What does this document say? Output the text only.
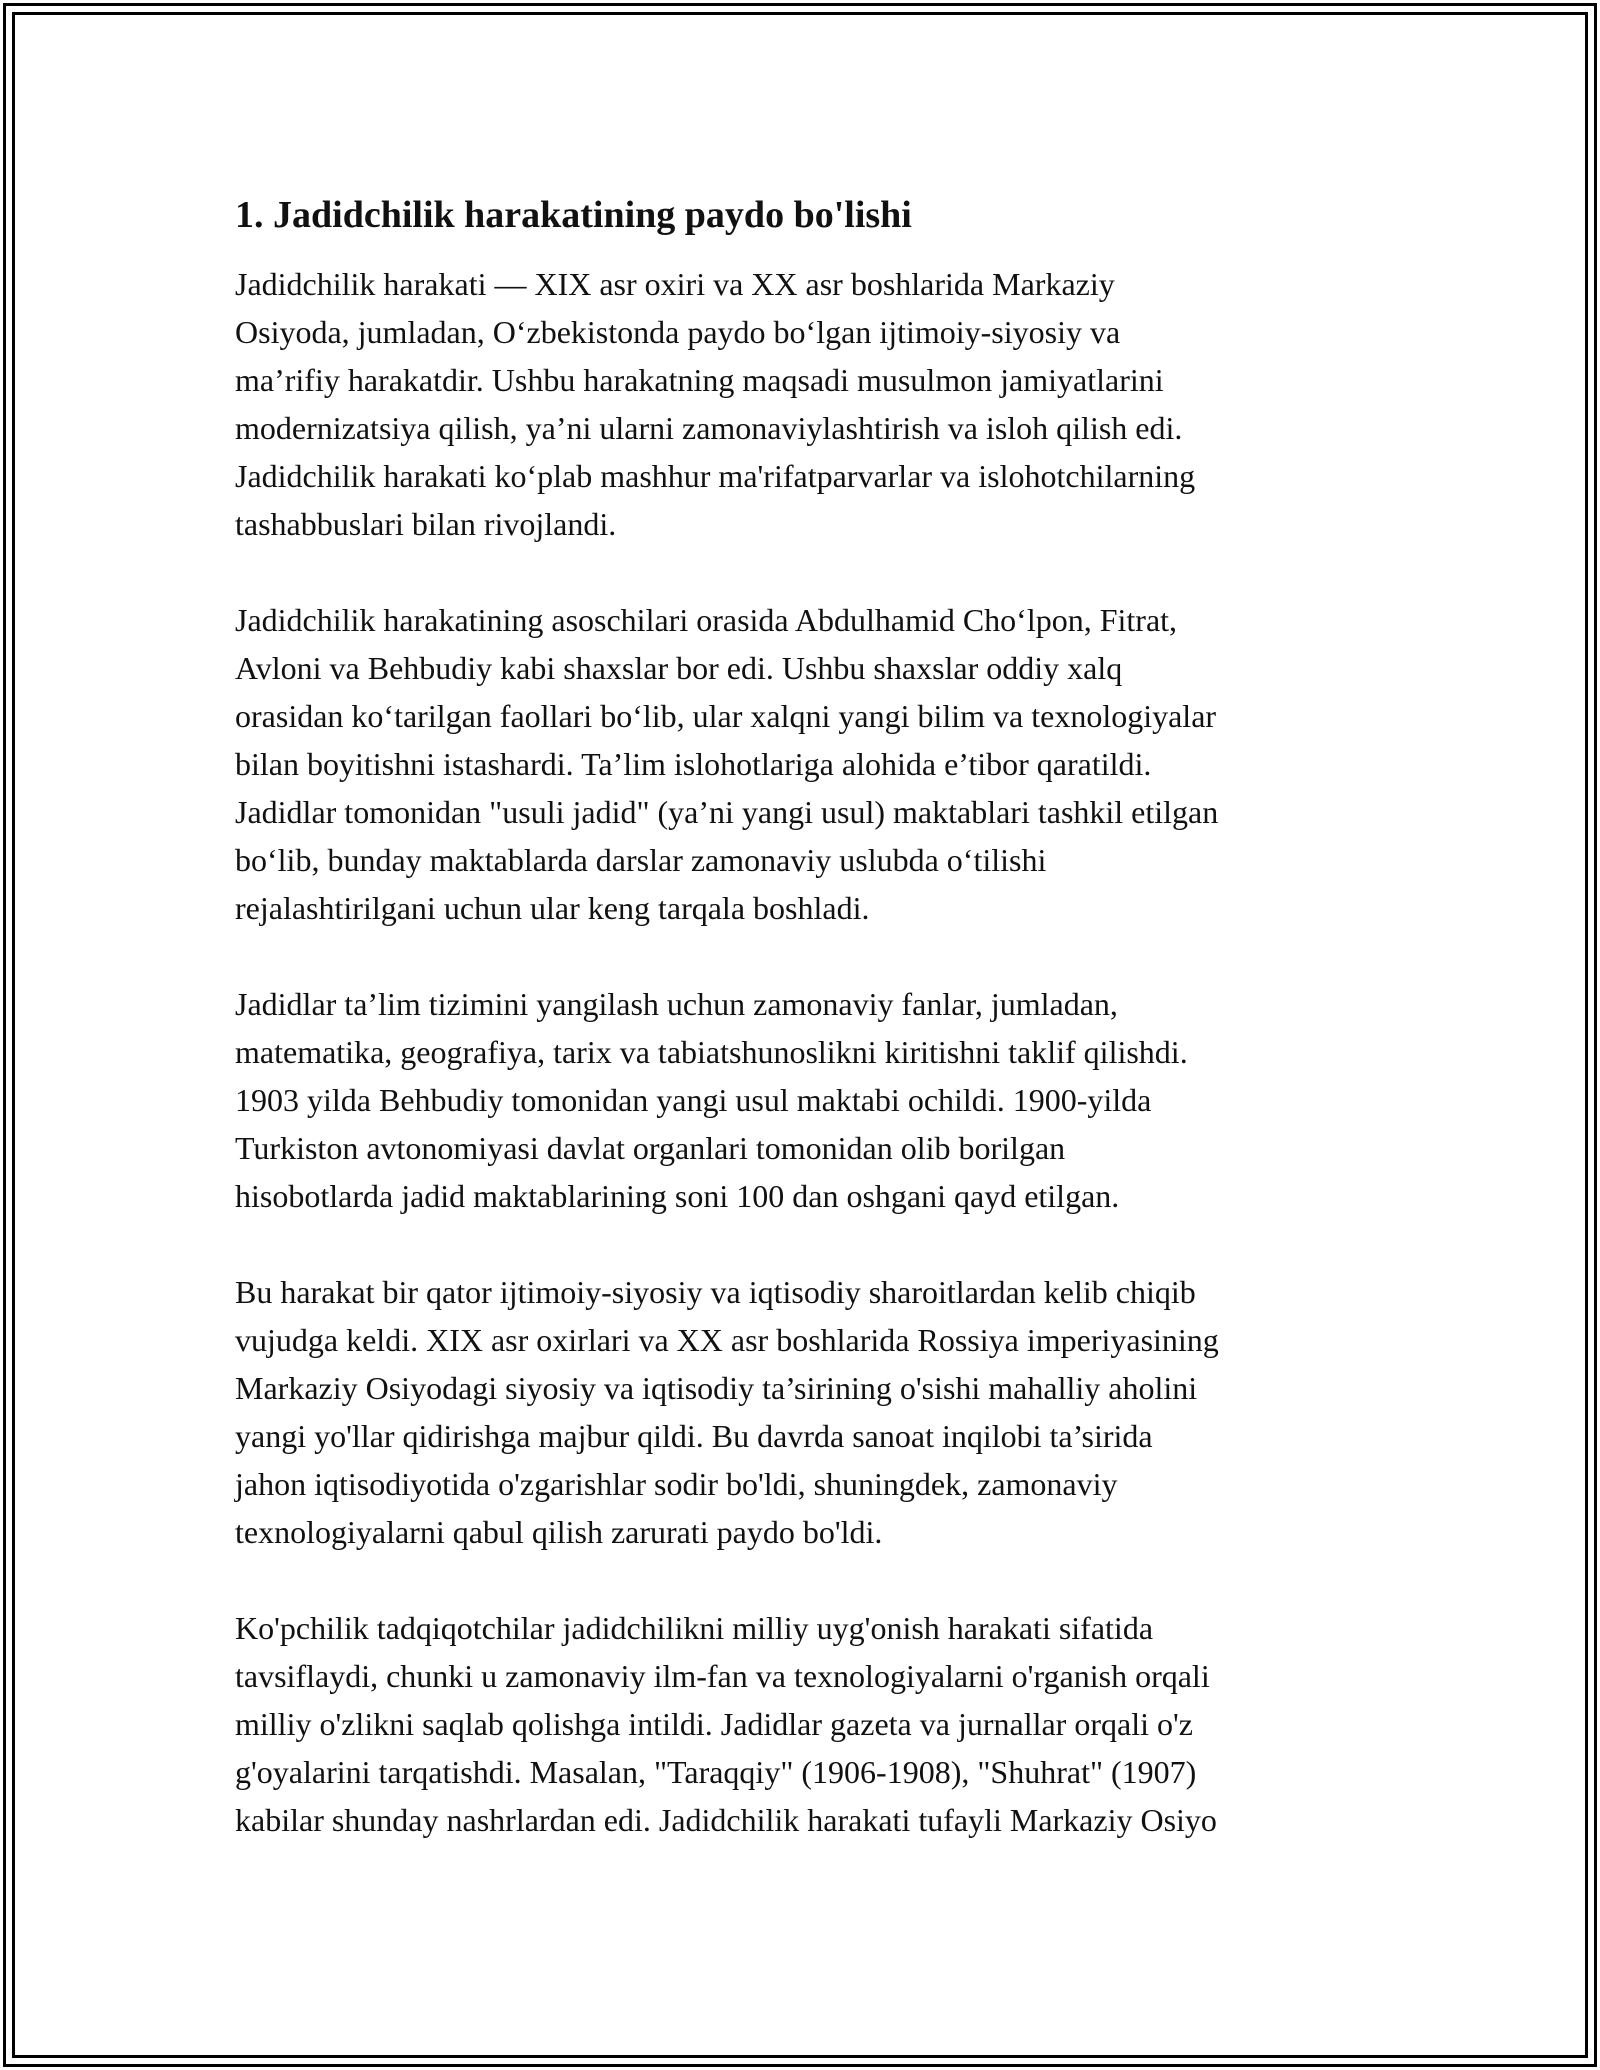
1. Jadidchilik harakatining paydo bo'lishi

Jadidchilik harakati — XIX asr oxiri va XX asr boshlarida Markaziy
Osiyoda, jumladan, O‘zbekistonda paydo bo‘lgan ijtimoiy-siyosiy va
ma’rifiy harakatdir. Ushbu harakatning maqsadi musulmon jamiyatlarini
modernizatsiya qilish, ya’ni ularni zamonaviylashtirish va isloh qilish edi.
Jadidchilik harakati ko‘plab mashhur ma'rifatparvarlar va islohotchilarning
tashabbuslari bilan rivojlandi.

Jadidchilik harakatining asoschilari orasida Abdulhamid Cho‘lpon, Fitrat,
Avloni va Behbudiy kabi shaxslar bor edi. Ushbu shaxslar oddiy xalq
orasidan ko‘tarilgan faollari bo‘lib, ular xalqni yangi bilim va texnologiyalar
bilan boyitishni istashardi. Ta’lim islohotlariga alohida e’tibor qaratildi.
Jadidlar tomonidan "usuli jadid" (ya’ni yangi usul) maktablari tashkil etilgan
bo‘lib, bunday maktablarda darslar zamonaviy uslubda o‘tilishi
rejalashtirilgani uchun ular keng tarqala boshladi.

Jadidlar ta’lim tizimini yangilash uchun zamonaviy fanlar, jumladan,
matematika, geografiya, tarix va tabiatshunoslikni kiritishni taklif qilishdi.
1903 yilda Behbudiy tomonidan yangi usul maktabi ochildi. 1900-yilda
Turkiston avtonomiyasi davlat organlari tomonidan olib borilgan
hisobotlarda jadid maktablarining soni 100 dan oshgani qayd etilgan.

Bu harakat bir qator ijtimoiy-siyosiy va iqtisodiy sharoitlardan kelib chiqib
vujudga keldi. XIX asr oxirlari va XX asr boshlarida Rossiya imperiyasining
Markaziy Osiyodagi siyosiy va iqtisodiy ta’sirining o'sishi mahalliy aholini
yangi yo'llar qidirishga majbur qildi. Bu davrda sanoat inqilobi ta’sirida
jahon iqtisodiyotida o'zgarishlar sodir bo'ldi, shuningdek, zamonaviy
texnologiyalarni qabul qilish zarurati paydo bo'ldi.

Ko'pchilik tadqiqotchilar jadidchilikni milliy uyg'onish harakati sifatida
tavsiflaydi, chunki u zamonaviy ilm-fan va texnologiyalarni o'rganish orqali
milliy o'zlikni saqlab qolishga intildi. Jadidlar gazeta va jurnallar orqali o'z
g'oyalarini tarqatishdi. Masalan, "Taraqqiy" (1906-1908), "Shuhrat" (1907)
kabilar shunday nashrlardan edi. Jadidchilik harakati tufayli Markaziy Osiyo
